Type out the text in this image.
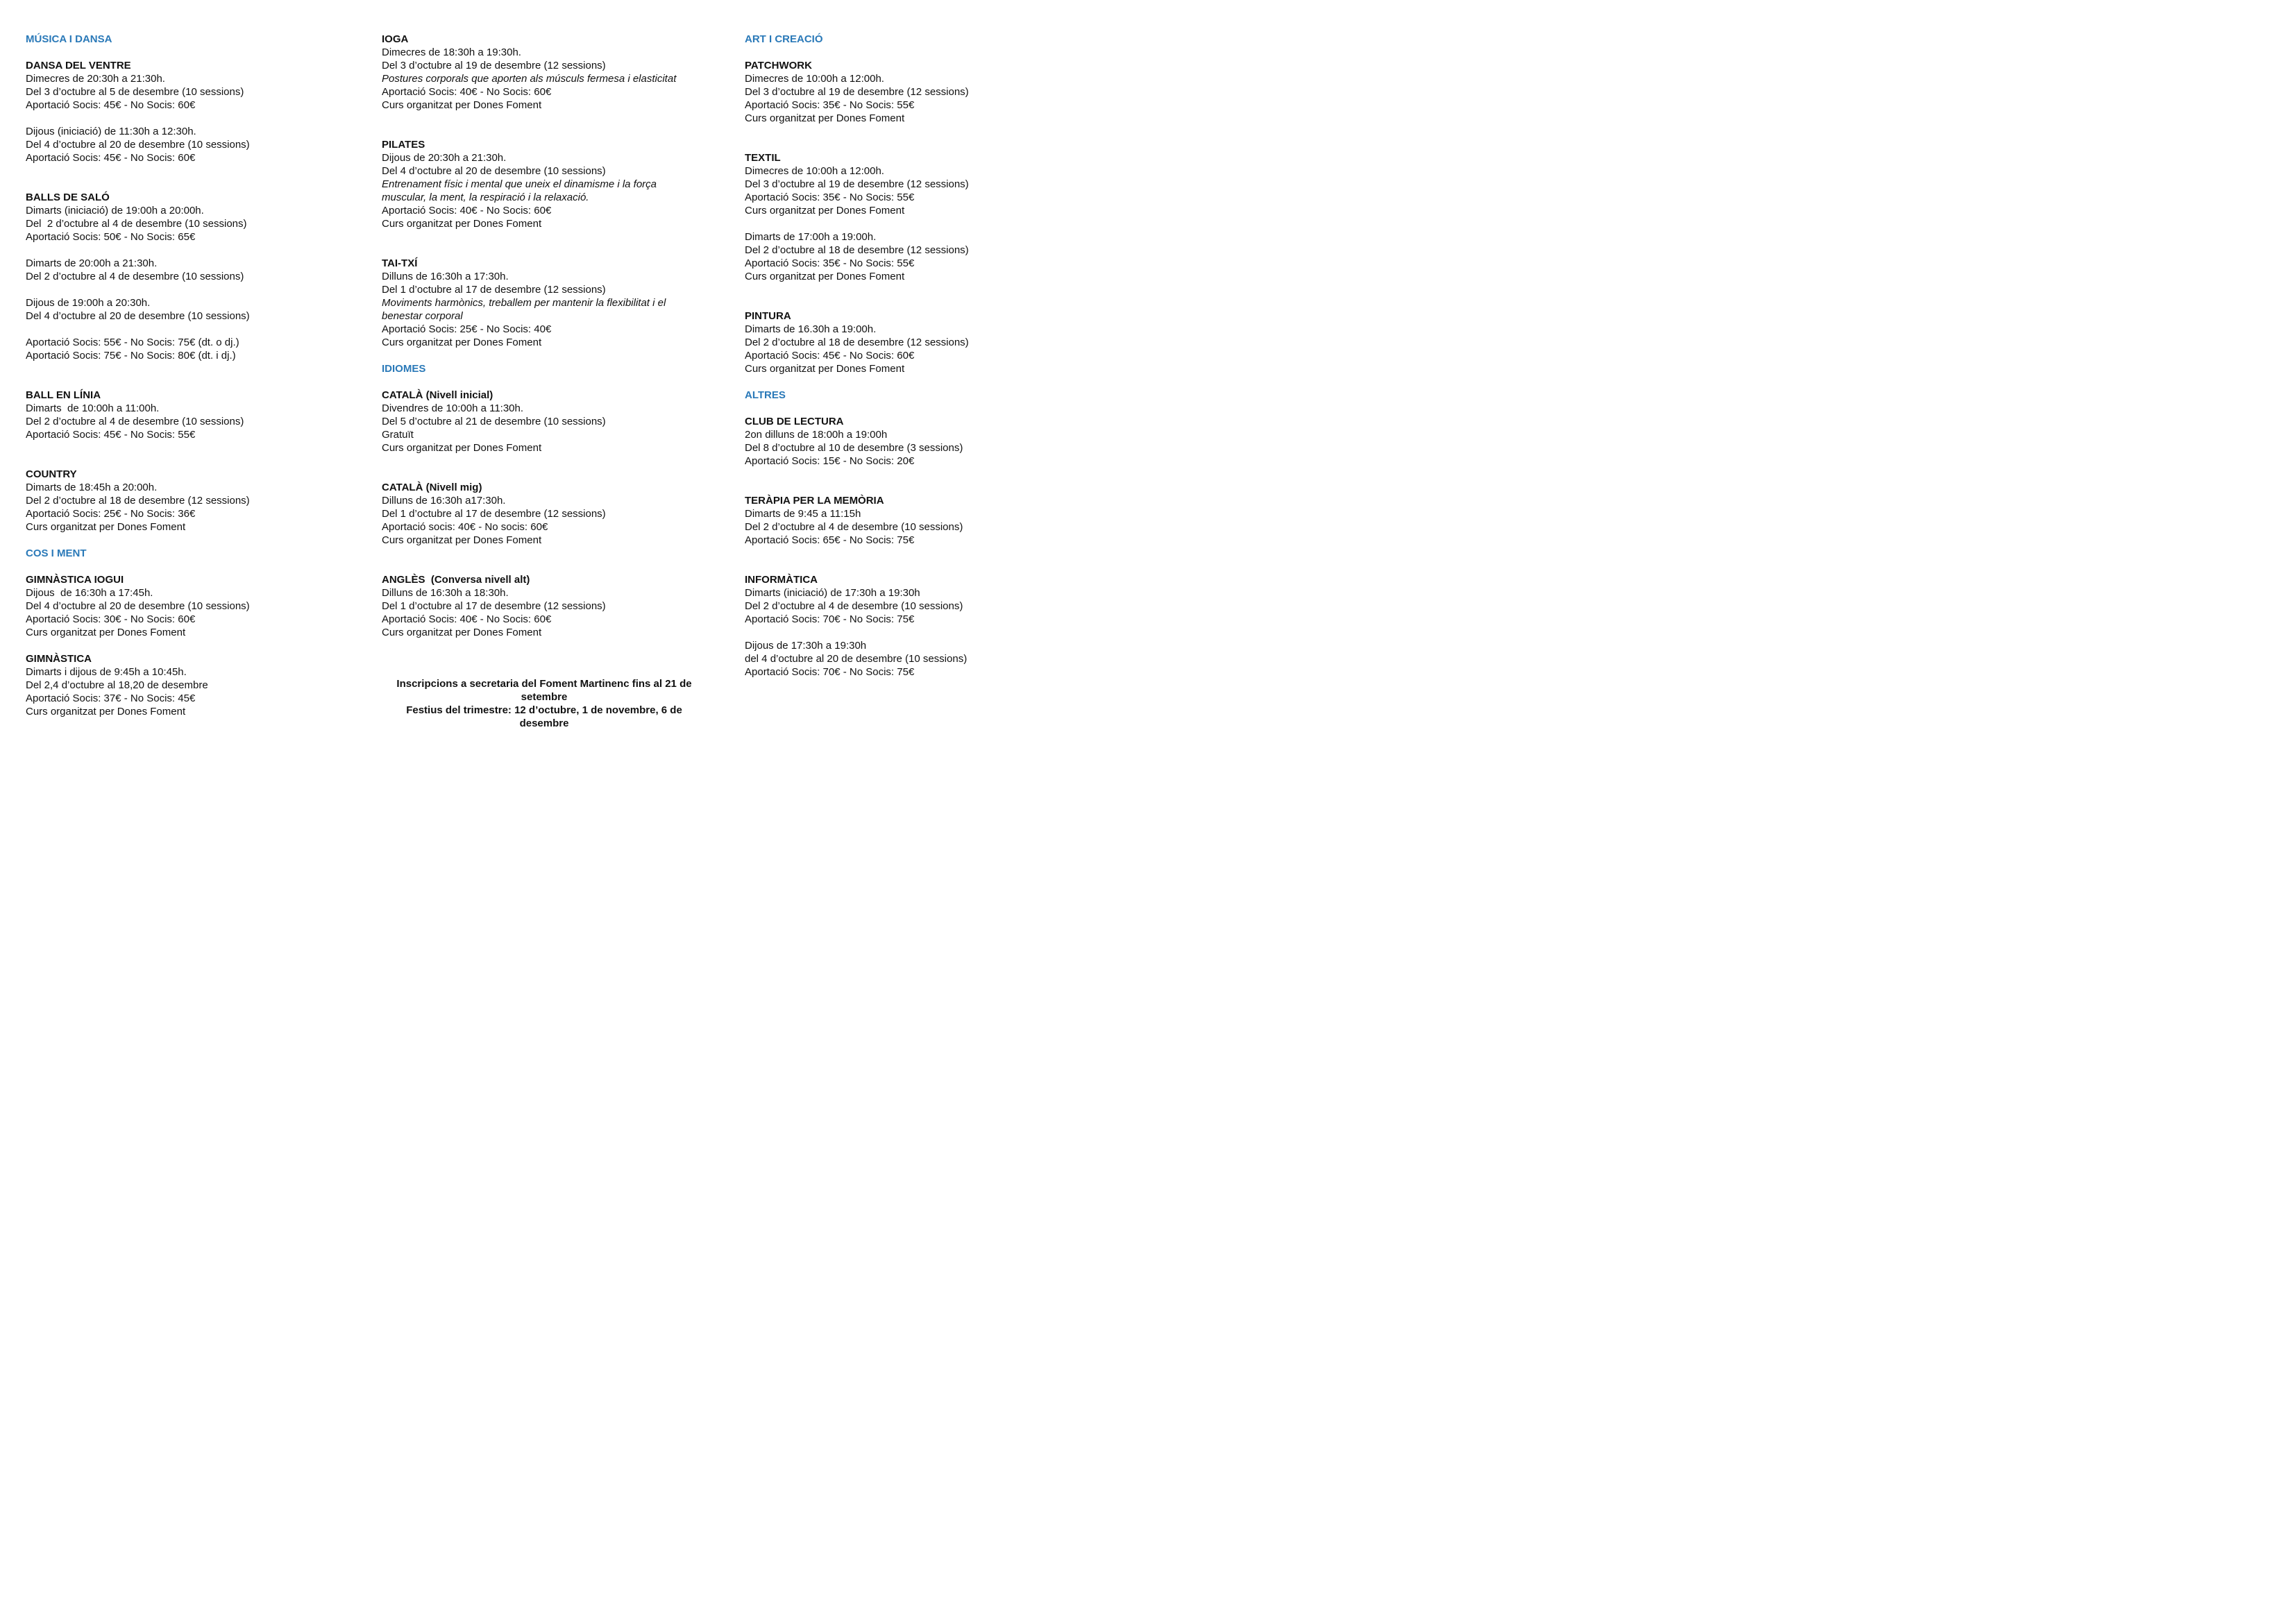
MÚSICA I DANSA
DANSA DEL VENTRE
Dimecres de 20:30h a 21:30h.
Del 3 d’octubre al 5 de desembre (10 sessions)
Aportació Socis: 45€ - No Socis: 60€
Dijous (iniciació) de 11:30h a 12:30h.
Del 4 d’octubre al 20 de desembre (10 sessions)
Aportació Socis: 45€ - No Socis: 60€
BALLS DE SALÓ
Dimarts (iniciació) de 19:00h a 20:00h.
Del  2 d’octubre al 4 de desembre (10 sessions)
Aportació Socis: 50€ - No Socis: 65€
Dimarts de 20:00h a 21:30h.
Del 2 d’octubre al 4 de desembre (10 sessions)
Dijous de 19:00h a 20:30h.
Del 4 d’octubre al 20 de desembre (10 sessions)
Aportació Socis: 55€ - No Socis: 75€ (dt. o dj.)
Aportació Socis: 75€ - No Socis: 80€ (dt. i dj.)
BALL EN LÍNIA
Dimarts  de 10:00h a 11:00h.
Del 2 d’octubre al 4 de desembre (10 sessions)
Aportació Socis: 45€ - No Socis: 55€
COUNTRY
Dimarts de 18:45h a 20:00h.
Del 2 d’octubre al 18 de desembre (12 sessions)
Aportació Socis: 25€ - No Socis: 36€
Curs organitzat per Dones Foment
COS I MENT
GIMNÀSTICA IOGUI
Dijous  de 16:30h a 17:45h.
Del 4 d’octubre al 20 de desembre (10 sessions)
Aportació Socis: 30€ - No Socis: 60€
Curs organitzat per Dones Foment
GIMNÀSTICA
Dimarts i dijous de 9:45h a 10:45h.
Del 2,4 d’octubre al 18,20 de desembre
Aportació Socis: 37€ - No Socis: 45€
Curs organitzat per Dones Foment
IOGA
Dimecres de 18:30h a 19:30h.
Del 3 d’octubre al 19 de desembre (12 sessions)
Postures corporals que aporten als músculs fermesa i elasticitat
Aportació Socis: 40€ - No Socis: 60€
Curs organitzat per Dones Foment
PILATES
Dijous de 20:30h a 21:30h.
Del 4 d’octubre al 20 de desembre (10 sessions)
Entrenament físic i mental que uneix el dinamisme i la força
muscular, la ment, la respiració i la relaxació.
Aportació Socis: 40€ - No Socis: 60€
Curs organitzat per Dones Foment
TAI-TXÍ
Dilluns de 16:30h a 17:30h.
Del 1 d’octubre al 17 de desembre (12 sessions)
Moviments harmònics, treballem per mantenir la flexibilitat i el
benestar corporal
Aportació Socis: 25€ - No Socis: 40€
Curs organitzat per Dones Foment
IDIOMES
CATALÀ (Nivell inicial)
Divendres de 10:00h a 11:30h.
Del 5 d’octubre al 21 de desembre (10 sessions)
Gratuït
Curs organitzat per Dones Foment
CATALÀ (Nivell mig)
Dilluns de 16:30h a17:30h.
Del 1 d’octubre al 17 de desembre (12 sessions)
Aportació socis: 40€ - No socis: 60€
Curs organitzat per Dones Foment
ANGLÈS  (Conversa nivell alt)
Dilluns de 16:30h a 18:30h.
Del 1 d’octubre al 17 de desembre (12 sessions)
Aportació Socis: 40€ - No Socis: 60€
Curs organitzat per Dones Foment
ART I CREACIÓ
PATCHWORK
Dimecres de 10:00h a 12:00h.
Del 3 d’octubre al 19 de desembre (12 sessions)
Aportació Socis: 35€ - No Socis: 55€
Curs organitzat per Dones Foment
TEXTIL
Dimecres de 10:00h a 12:00h.
Del 3 d’octubre al 19 de desembre (12 sessions)
Aportació Socis: 35€ - No Socis: 55€
Curs organitzat per Dones Foment
Dimarts de 17:00h a 19:00h.
Del 2 d’octubre al 18 de desembre (12 sessions)
Aportació Socis: 35€ - No Socis: 55€
Curs organitzat per Dones Foment
PINTURA
Dimarts de 16.30h a 19:00h.
Del 2 d’octubre al 18 de desembre (12 sessions)
Aportació Socis: 45€ - No Socis: 60€
Curs organitzat per Dones Foment
ALTRES
CLUB DE LECTURA
2on dilluns de 18:00h a 19:00h
Del 8 d’octubre al 10 de desembre (3 sessions)
Aportació Socis: 15€ - No Socis: 20€
TERÀPIA PER LA MEMÒRIA
Dimarts de 9:45 a 11:15h
Del 2 d’octubre al 4 de desembre (10 sessions)
Aportació Socis: 65€ - No Socis: 75€
INFORMÀTICA
Dimarts (iniciació) de 17:30h a 19:30h
Del 2 d’octubre al 4 de desembre (10 sessions)
Aportació Socis: 70€ - No Socis: 75€
Dijous de 17:30h a 19:30h
del 4 d’octubre al 20 de desembre (10 sessions)
Aportació Socis: 70€ - No Socis: 75€
Inscripcions a secretaria del Foment Martinenc fins al 21 de setembre
Festius del trimestre: 12 d’octubre, 1 de novembre, 6 de desembre
